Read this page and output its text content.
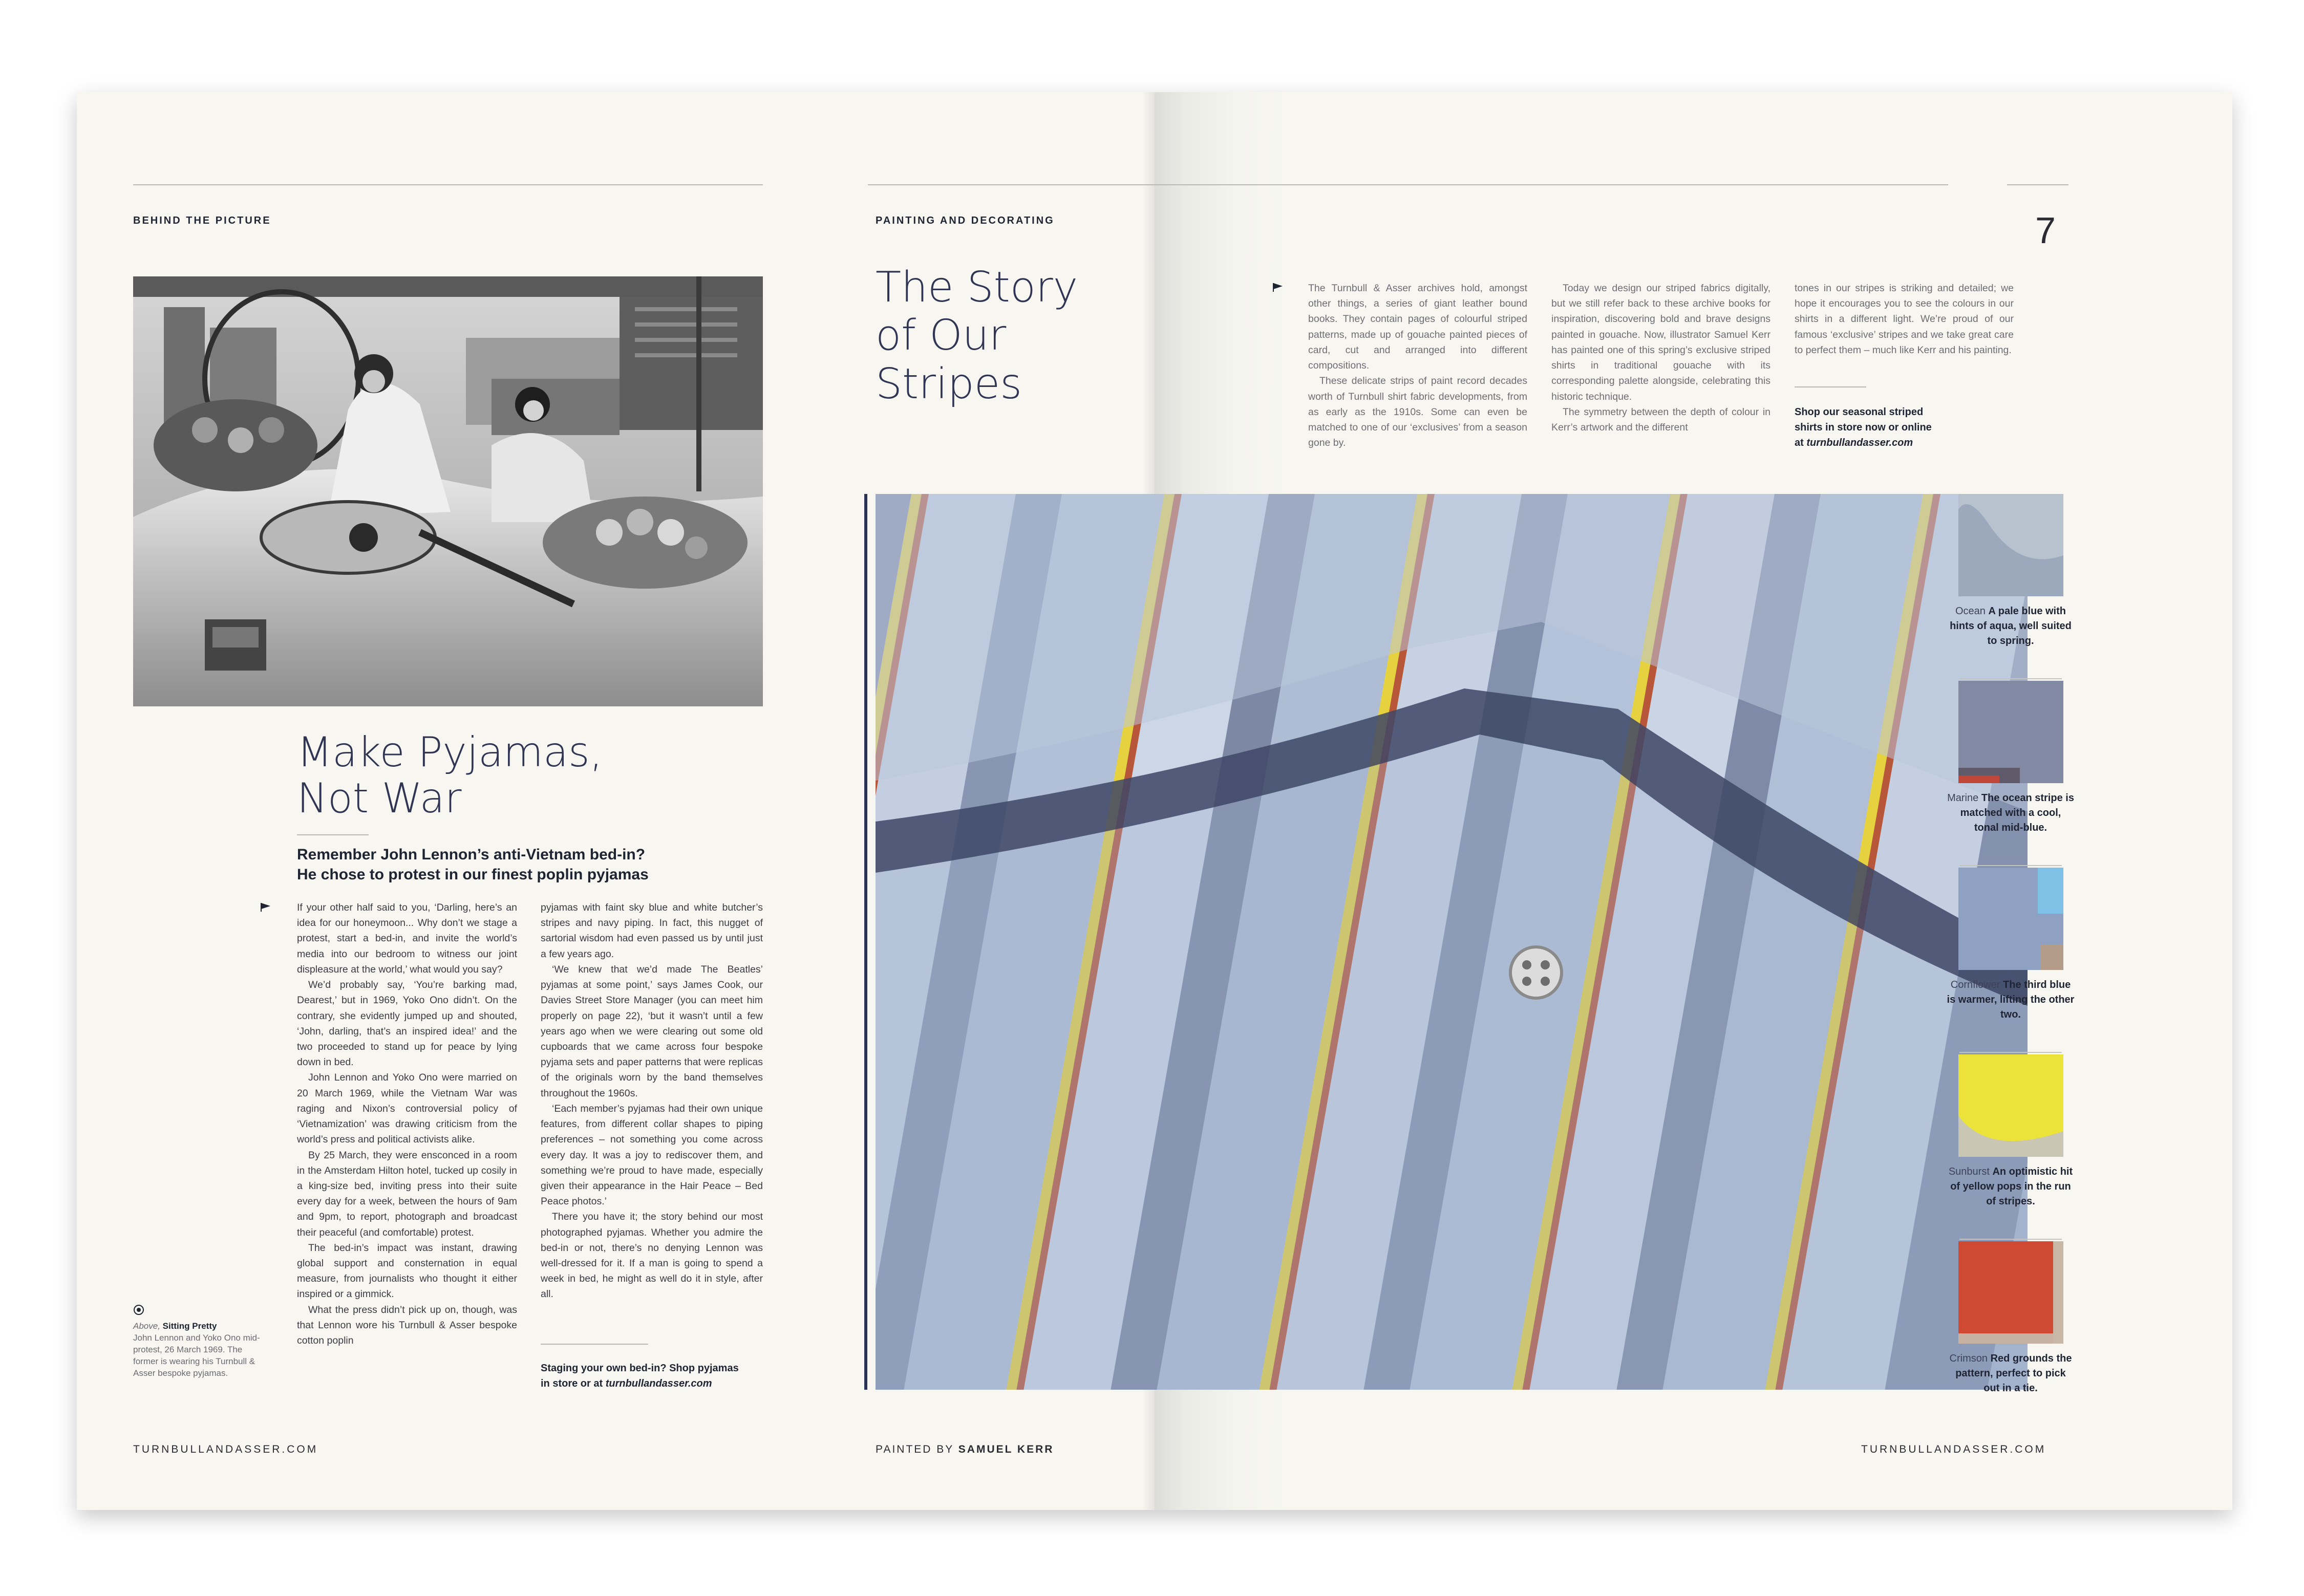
BEHIND THE PICTURE
Make Pyjamas,
Not War
Remember John Lennon’s anti-Vietnam bed-in?
He chose to protest in our finest poplin pyjamas

If your other half said to you, ‘Darling, here’s an idea for our honeymoon... Why don’t we stage a protest, start a bed-in, and invite the world’s media into our bedroom to witness our joint displeasure at the world,’ what would you say?

We’d probably say, ‘You’re barking mad, Dearest,’ but in 1969, Yoko Ono didn’t. On the contrary, she evidently jumped up and shouted, ‘John, darling, that’s an inspired idea!’ and the two proceeded to stand up for peace by lying down in bed.

John Lennon and Yoko Ono were married on 20 March 1969, while the Vietnam War was raging and Nixon’s controversial policy of ‘Vietnamization’ was drawing criticism from the world’s press and political activists alike.

By 25 March, they were ensconced in a room in the Amsterdam Hilton hotel, tucked up cosily in a king-size bed, inviting press into their suite every day for a week, between the hours of 9am and 9pm, to report, photograph and broadcast their peaceful (and comfortable) protest.

The bed-in’s impact was instant, drawing global support and consternation in equal measure, from journalists who thought it either inspired or a gimmick.

What the press didn’t pick up on, though, was that Lennon wore his Turnbull & Asser bespoke cotton poplin

pyjamas with faint sky blue and white butcher’s stripes and navy piping. In fact, this nugget of sartorial wisdom had even passed us by until just a few years ago.

‘We knew that we’d made The Beatles’ pyjamas at some point,’ says James Cook, our Davies Street Store Manager (you can meet him properly on page 22), ‘but it wasn’t until a few years ago when we were clearing out some old cupboards that we came across four bespoke pyjama sets and paper patterns that were replicas of the originals worn by the band themselves throughout the 1960s.

‘Each member’s pyjamas had their own unique features, from different collar shapes to piping preferences – not something you come across every day. It was a joy to rediscover them, and something we’re proud to have made, especially given their appearance in the Hair Peace – Bed Peace photos.’

There you have it; the story behind our most photographed pyjamas. Whether you admire the bed-in or not, there’s no denying Lennon was well-dressed for it. If a man is going to spend a week in bed, he might as well do it in style, after all.

Staging your own bed-in? Shop pyjamas
in store or at turnbullandasser.com
Above, Sitting Pretty
John Lennon and Yoko Ono mid-protest, 26 March 1969. The former is wearing his Turnbull & Asser bespoke pyjamas.
TURNBULLANDASSER.COM
PAINTING AND DECORATING	7
The Story
of Our
Stripes

The Turnbull & Asser archives hold, amongst other things, a series of giant leather bound books. They contain pages of colourful striped patterns, made up of gouache painted pieces of card, cut and arranged into different compositions.

These delicate strips of paint record decades worth of Turnbull shirt fabric developments, from as early as the 1910s. Some can even be matched to one of our ‘exclusives’ from a season gone by.

Today we design our striped fabrics digitally, but we still refer back to these archive books for inspiration, discovering bold and brave designs painted in gouache. Now, illustrator Samuel Kerr has painted one of this spring’s exclusive striped shirts in traditional gouache with its corresponding palette alongside, celebrating this historic technique.

The symmetry between the depth of colour in Kerr’s artwork and the different

tones in our stripes is striking and detailed; we hope it encourages you to see the colours in our shirts in a different light. We’re proud of our famous ‘exclusive’ stripes and we take great care to perfect them – much like Kerr and his painting.

Shop our seasonal striped
shirts in store now or online
at turnbullandasser.com
Ocean A pale blue with hints of aqua, well suited to spring.
Marine The ocean stripe is matched with a cool, tonal mid-blue.
Cornflower The third blue is warmer, lifting the other two.
Sunburst An optimistic hit of yellow pops in the run of stripes.
Crimson Red grounds the pattern, perfect to pick out in a tie.
PAINTED BY SAMUEL KERR	TURNBULLANDASSER.COM
